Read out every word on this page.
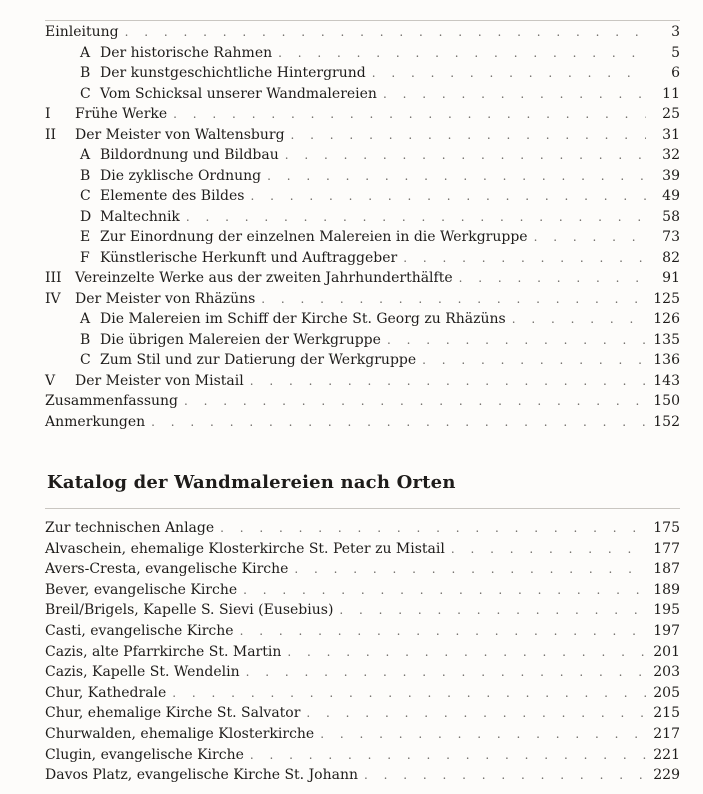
Einleitung . . .	3
A Der historische Rahmen . . .	5
B Der kunstgeschichtliche Hintergrund . . .	6
C Vom Schicksal unserer Wandmalereien . . .	11
I	Frühe Werke . . .	25
II	Der Meister von Waltensburg . . .	31
A Bildordnung und Bildbau . . .	32
B Die zyklische Ordnung . . .	39
C Elemente des Bildes . . .	49
D Maltechnik . . .	58
E Zur Einordnung der einzelnen Malereien in die Werkgruppe . . .	73
F Künstlerische Herkunft und Auftraggeber . . .	82
III Vereinzelte Werke aus der zweiten Jahrhunderthälfte . . .	91
IV	Der Meister von Rhäzüns . . .	125
A Die Malereien im Schiff der Kirche St. Georg zu Rhäzüns . . .	126
B Die übrigen Malereien der Werkgruppe . . .	135
C Zum Stil und zur Datierung der Werkgruppe . . .	136
V	Der Meister von Mistail . . .	143
Zusammenfassung . . .	150
Anmerkungen . . .	152
Katalog der Wandmalereien nach Orten
Zur technischen Anlage . . .	175
Alvaschein, ehemalige Klosterkirche St. Peter zu Mistail . . .	177
Avers-Cresta, evangelische Kirche . . .	187
Bever, evangelische Kirche . . .	189
Breil/Brigels, Kapelle S. Sievi (Eusebius) . . .	195
Casti, evangelische Kirche . . .	197
Cazis, alte Pfarrkirche St. Martin . . .	201
Cazis, Kapelle St. Wendelin . . .	203
Chur, Kathedrale . . .	205
Chur, ehemalige Kirche St. Salvator . . .	215
Churwalden, ehemalige Klosterkirche . . .	217
Clugin, evangelische Kirche . . .	221
Davos Platz, evangelische Kirche St. Johann . . .	229
